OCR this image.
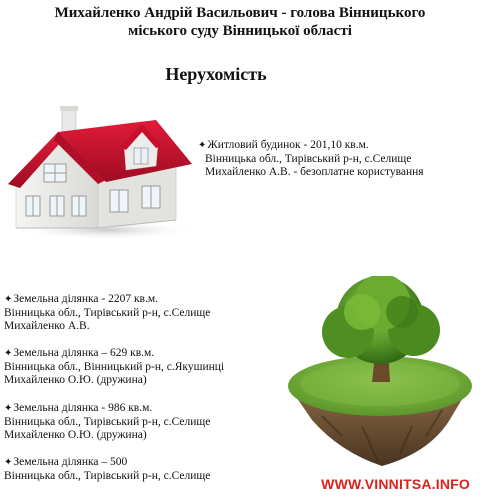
Михайленко Андрій Васильович - голова Вінницького
міського суду Вінницької області
Нерухомість
✦Житловий будинок - 201,10 кв.м.
Вінницька обл., Тирівський р-н, с.Селище
Михайленко А.В. - безоплатне користування
✦Земельна ділянка - 2207 кв.м.
Вінницька обл., Тирівський р-н, с.Селище
Михайленко А.В.
✦Земельна ділянка – 629 кв.м.
Вінницька обл., Вінницький р-н, с.Якушинці
Михайленко О.Ю. (дружина)
✦Земельна ділянка - 986 кв.м.
Вінницька обл., Тирівський р-н, с.Селище
Михайленко О.Ю. (дружина)
✦Земельна ділянка – 500
Вінницька обл., Тирівський р-н, с.Селище
WWW.VINNITSA.INFO
